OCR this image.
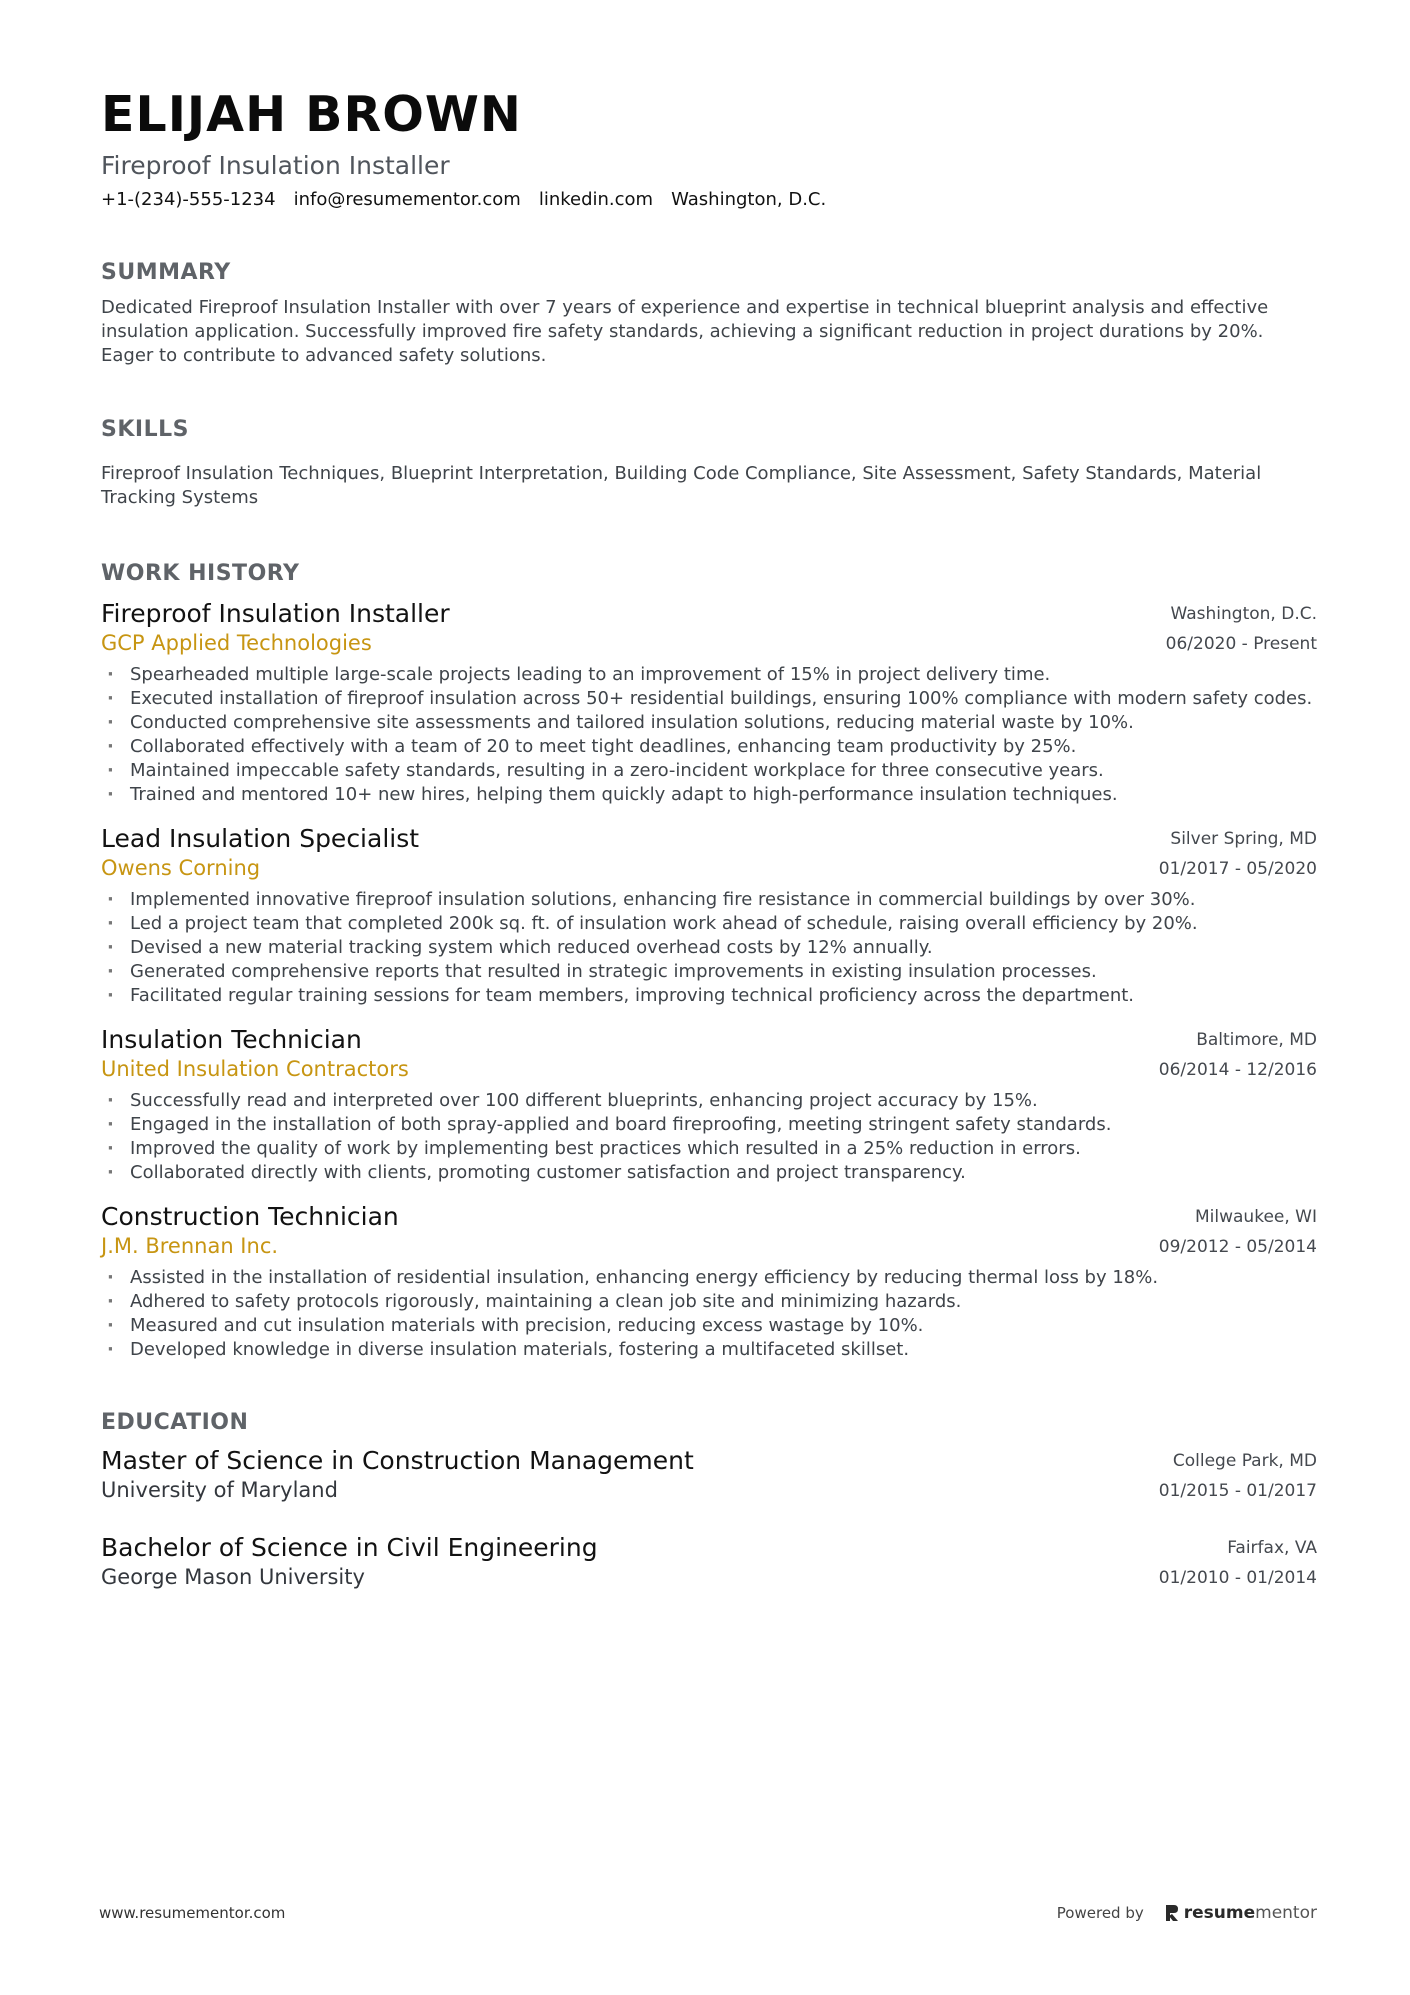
ELIJAH BROWN
Fireproof Insulation Installer
+1-(234)-555-1234 info@resumementor.com linkedin.com Washington, D.C.
SUMMARY
Dedicated Fireproof Insulation Installer with over 7 years of experience and expertise in technical blueprint analysis and effective insulation application. Successfully improved fire safety standards, achieving a significant reduction in project durations by 20%. Eager to contribute to advanced safety solutions.
SKILLS
Fireproof Insulation Techniques, Blueprint Interpretation, Building Code Compliance, Site Assessment, Safety Standards, Material Tracking Systems
WORK HISTORY
Fireproof Insulation Installer
GCP Applied Technologies
Washington, D.C.
06/2020 - Present
· Spearheaded multiple large-scale projects leading to an improvement of 15% in project delivery time.
· Executed installation of fireproof insulation across 50+ residential buildings, ensuring 100% compliance with modern safety codes.
· Conducted comprehensive site assessments and tailored insulation solutions, reducing material waste by 10%.
· Collaborated effectively with a team of 20 to meet tight deadlines, enhancing team productivity by 25%.
· Maintained impeccable safety standards, resulting in a zero-incident workplace for three consecutive years.
· Trained and mentored 10+ new hires, helping them quickly adapt to high-performance insulation techniques.
Lead Insulation Specialist
Owens Corning
Silver Spring, MD
01/2017 - 05/2020
· Implemented innovative fireproof insulation solutions, enhancing fire resistance in commercial buildings by over 30%.
· Led a project team that completed 200k sq. ft. of insulation work ahead of schedule, raising overall efficiency by 20%.
· Devised a new material tracking system which reduced overhead costs by 12% annually.
· Generated comprehensive reports that resulted in strategic improvements in existing insulation processes.
· Facilitated regular training sessions for team members, improving technical proficiency across the department.
Insulation Technician
United Insulation Contractors
Baltimore, MD
06/2014 - 12/2016
· Successfully read and interpreted over 100 different blueprints, enhancing project accuracy by 15%.
· Engaged in the installation of both spray-applied and board fireproofing, meeting stringent safety standards.
· Improved the quality of work by implementing best practices which resulted in a 25% reduction in errors.
· Collaborated directly with clients, promoting customer satisfaction and project transparency.
Construction Technician
J.M. Brennan Inc.
Milwaukee, WI
09/2012 - 05/2014
· Assisted in the installation of residential insulation, enhancing energy efficiency by reducing thermal loss by 18%.
· Adhered to safety protocols rigorously, maintaining a clean job site and minimizing hazards.
· Measured and cut insulation materials with precision, reducing excess wastage by 10%.
· Developed knowledge in diverse insulation materials, fostering a multifaceted skillset.
EDUCATION
Master of Science in Construction Management
University of Maryland
College Park, MD
01/2015 - 01/2017
Bachelor of Science in Civil Engineering
George Mason University
Fairfax, VA
01/2010 - 01/2014
www.resumementor.com	Powered by resume mentor
